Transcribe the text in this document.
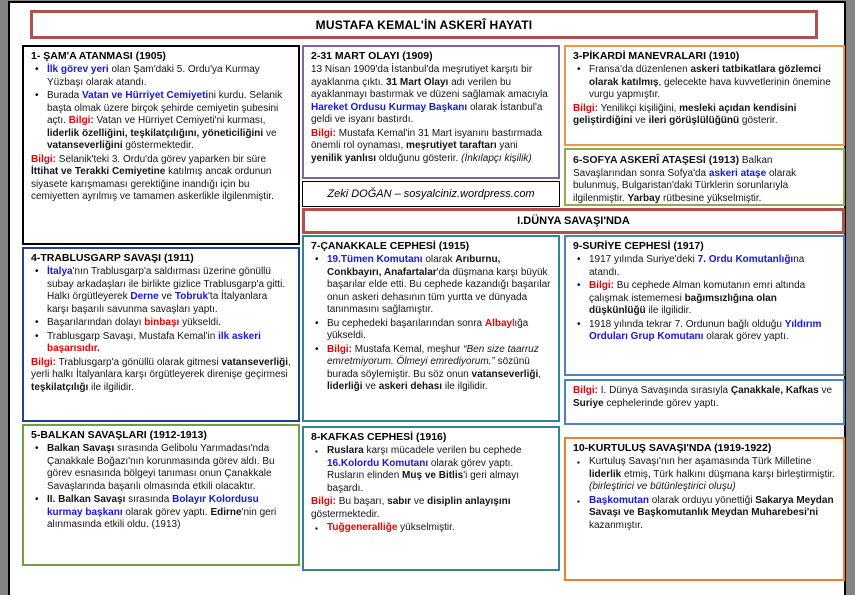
MUSTAFA KEMAL'İN ASKERÎ HAYATI
1- ŞAM'A ATANMASI (1905)
• İlk görev yeri olan Şam'daki 5. Ordu'ya Kurmay Yüzbaşı olarak atandı.
• Burada Vatan ve Hürriyet Cemiyetini kurdu. Selanik başta olmak üzere birçok şehirde cemiyetin şubesini açtı. Bilgi: Vatan ve Hürriyet Cemiyeti'ni kurması, liderlik özelliğini, teşkilatçılığını, yöneticiliğini ve vatanseverliğini göstermektedir.

Bilgi: Selanik'teki 3. Ordu'da görev yaparken bir süre İttihat ve Terakki Cemiyetine katılmış ancak ordunun siyasete karışmaması gerektiğine inandığı için bu cemiyetten ayrılmış ve tamamen askerlikle ilgilenmiştir.

2-31 MART OLAYI (1909)

13 Nisan 1909'da İstanbul'da meşrutiyet karşıtı bir ayaklanma çıktı. 31 Mart Olayı adı verilen bu ayaklanmayı bastırmak ve düzeni sağlamak amacıyla Hareket Ordusu Kurmay Başkanı olarak İstanbul'a geldi ve isyanı bastırdı.

Bilgi: Mustafa Kemal'in 31 Mart isyanını bastırmada önemli rol oynaması, meşrutiyet taraftarı yani yenilik yanlısı olduğunu gösterir. (İnkılapçı kişilik)

Zeki DOĞAN – sosyalciniz.wordpress.com
3-PİKARDİ MANEVRALARI (1910)
• Fransa'da düzenlenen askeri tatbikatlara gözlemci olarak katılmış, gelecekte hava kuvvetlerinin önemine vurgu yapmıştır.

Bilgi: Yenilikçi kişiliğini, mesleki açıdan kendisini geliştirdiğini ve ileri görüşlülüğünü gösterir.

6-SOFYA ASKERÎ ATAŞESİ (1913) Balkan Savaşlarından sonra Sofya'da askeri ataşe olarak bulunmuş, Bulgaristan'daki Türklerin sorunlarıyla ilgilenmiştir. Yarbay rütbesine yükselmiştir.

I.DÜNYA SAVAŞI'NDA
4-TRABLUSGARP SAVAŞI (1911)
• İtalya'nın Trablusgarp'a saldırması üzerine gönüllü subay arkadaşları ile birlikte gizlice Trablusgarp'a gitti. Halkı örgütleyerek Derne ve Tobruk'ta İtalyanlara karşı başarılı savunma savaşları yaptı.
• Başarılarından dolayı binbaşı yükseldi.
• Trablusgarp Savaşı, Mustafa Kemal'in ilk askeri başarısıdır.

Bilgi: Trablusgarp'a gönüllü olarak gitmesi vatanseverliği, yerli halkı İtalyanlara karşı örgütleyerek direnişe geçirmesi teşkilatçılığı ile ilgilidir.

5-BALKAN SAVAŞLARI (1912-1913)
• Balkan Savaşı sırasında Gelibolu Yarımadası'nda Çanakkale Boğazı'nın korunmasında görev aldı. Bu görev esnasında bölgeyi tanıması onun Çanakkale Savaşlarında başarılı olmasında etkili olacaktır.
• II. Balkan Savaşı sırasında Bolayır Kolordusu kurmay başkanı olarak görev yaptı. Edirne'nin geri alınmasında etkili oldu. (1913)
7-ÇANAKKALE CEPHESİ (1915)
• 19.Tümen Komutanı olarak Arıburnu, Conkbayırı, Anafartalar'da düşmana karşı büyük başarılar elde etti. Bu cephede kazandığı başarılar onun askeri dehasının tüm yurtta ve dünyada tanınmasını sağlamıştır.
• Bu cephedeki başarılarından sonra Albaylığa yükseldi.
• Bilgi: Mustafa Kemal, meşhur “Ben size taarruz emretmiyorum. Ölmeyi emrediyorum.” sözünü burada söylemiştir. Bu söz onun vatanseverliği, liderliği ve askeri dehası ile ilgilidir.
8-KAFKAS CEPHESİ (1916)
▪ Ruslara karşı mücadele verilen bu cephede 16.Kolordu Komutanı olarak görev yaptı. Rusların elinden Muş ve Bitlis'i geri almayı başardı.

Bilgi: Bu başarı, sabır ve disiplin anlayışını göstermektedir.

▪ Tuğgeneralliğe yükselmiştir.
9-SURİYE CEPHESİ (1917)
• 1917 yılında Suriye'deki 7. Ordu Komutanlığına atandı.
• Bilgi: Bu cephede Alman komutanın emri altında çalışmak istememesi bağımsızlığına olan düşkünlüğü ile ilgilidir.
• 1918 yılında tekrar 7. Ordunun bağlı olduğu Yıldırım Orduları Grup Komutanı olarak görev yaptı.

Bilgi: I. Dünya Savaşında sırasıyla Çanakkale, Kafkas ve Suriye cephelerinde görev yaptı.

10-KURTULUŞ SAVAŞI'NDA (1919-1922)
▪ Kurtuluş Savaşı'nın her aşamasında Türk Milletine liderlik etmiş, Türk halkını düşmana karşı birleştirmiştir. (birleştirici ve bütünleştirici oluşu)
▪ Başkomutan olarak orduyu yönettiği Sakarya Meydan Savaşı ve Başkomutanlık Meydan Muharebesi'ni kazanmıştır.
